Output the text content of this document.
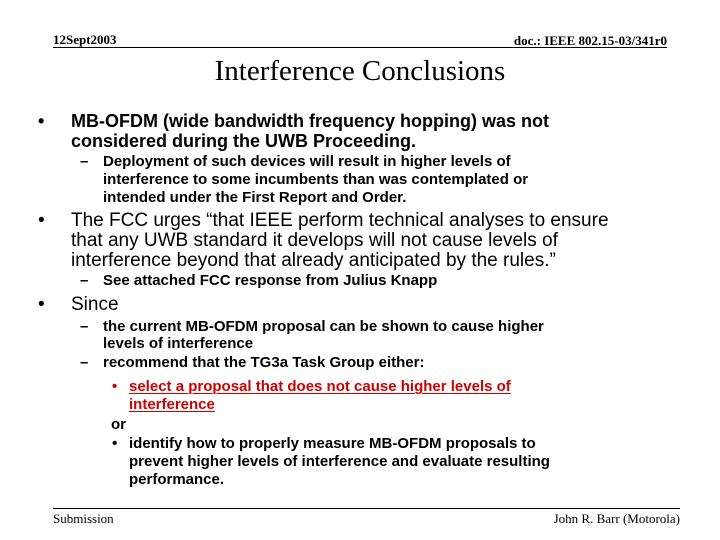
12Sept2003	doc.: IEEE 802.15-03/341r0
Interference Conclusions
• MB-OFDM (wide bandwidth frequency hopping) was not
considered during the UWB Proceeding.
– Deployment of such devices will result in higher levels of
interference to some incumbents than was contemplated or
intended under the First Report and Order.
• The FCC urges “that IEEE perform technical analyses to ensure
that any UWB standard it develops will not cause levels of
interference beyond that already anticipated by the rules.”
– See attached FCC response from Julius Knapp
• Since
– the current MB-OFDM proposal can be shown to cause higher
levels of interference
– recommend that the TG3a Task Group either:
• select a proposal that does not cause higher levels of
interference
or
• identify how to properly measure MB-OFDM proposals to
prevent higher levels of interference and evaluate resulting
performance.
Submission	John R. Barr (Motorola)
